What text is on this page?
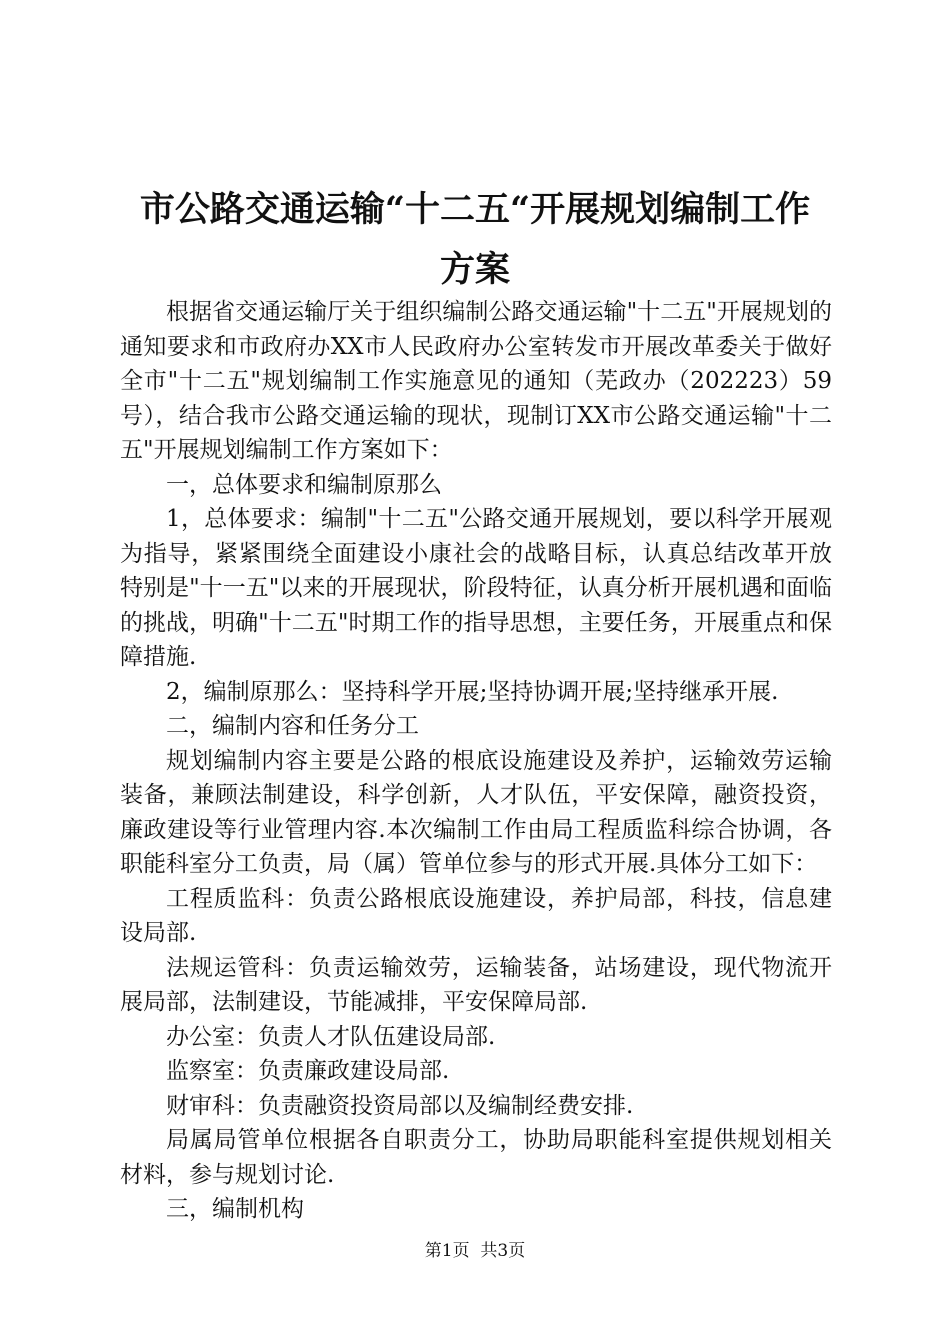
市公路交通运输“十二五“开展规划编制工作
方案

根据省交通运输厅关于组织编制公路交通运输"十二五"开展规划的通知要求和市政府办XX市人民政府办公室转发市开展改革委关于做好全市"十二五"规划编制工作实施意见的通知（芜政办（202223）59号），结合我市公路交通运输的现状，现制订XX市公路交通运输"十二五"开展规划编制工作方案如下：

一，总体要求和编制原那么

1，总体要求：编制"十二五"公路交通开展规划，要以科学开展观为指导，紧紧围绕全面建设小康社会的战略目标，认真总结改革开放特别是"十一五"以来的开展现状，阶段特征，认真分析开展机遇和面临的挑战，明确"十二五"时期工作的指导思想，主要任务，开展重点和保障措施.

2，编制原那么：坚持科学开展;坚持协调开展;坚持继承开展.

二，编制内容和任务分工

规划编制内容主要是公路的根底设施建设及养护，运输效劳运输装备，兼顾法制建设，科学创新，人才队伍，平安保障，融资投资，廉政建设等行业管理内容.本次编制工作由局工程质监科综合协调，各职能科室分工负责，局（属）管单位参与的形式开展.具体分工如下：

工程质监科：负责公路根底设施建设，养护局部，科技，信息建设局部.

法规运管科：负责运输效劳，运输装备，站场建设，现代物流开展局部，法制建设，节能减排，平安保障局部.

办公室：负责人才队伍建设局部.

监察室：负责廉政建设局部.

财审科：负责融资投资局部以及编制经费安排.

局属局管单位根据各自职责分工，协助局职能科室提供规划相关材料，参与规划讨论.

三，编制机构

第1页 共3页
